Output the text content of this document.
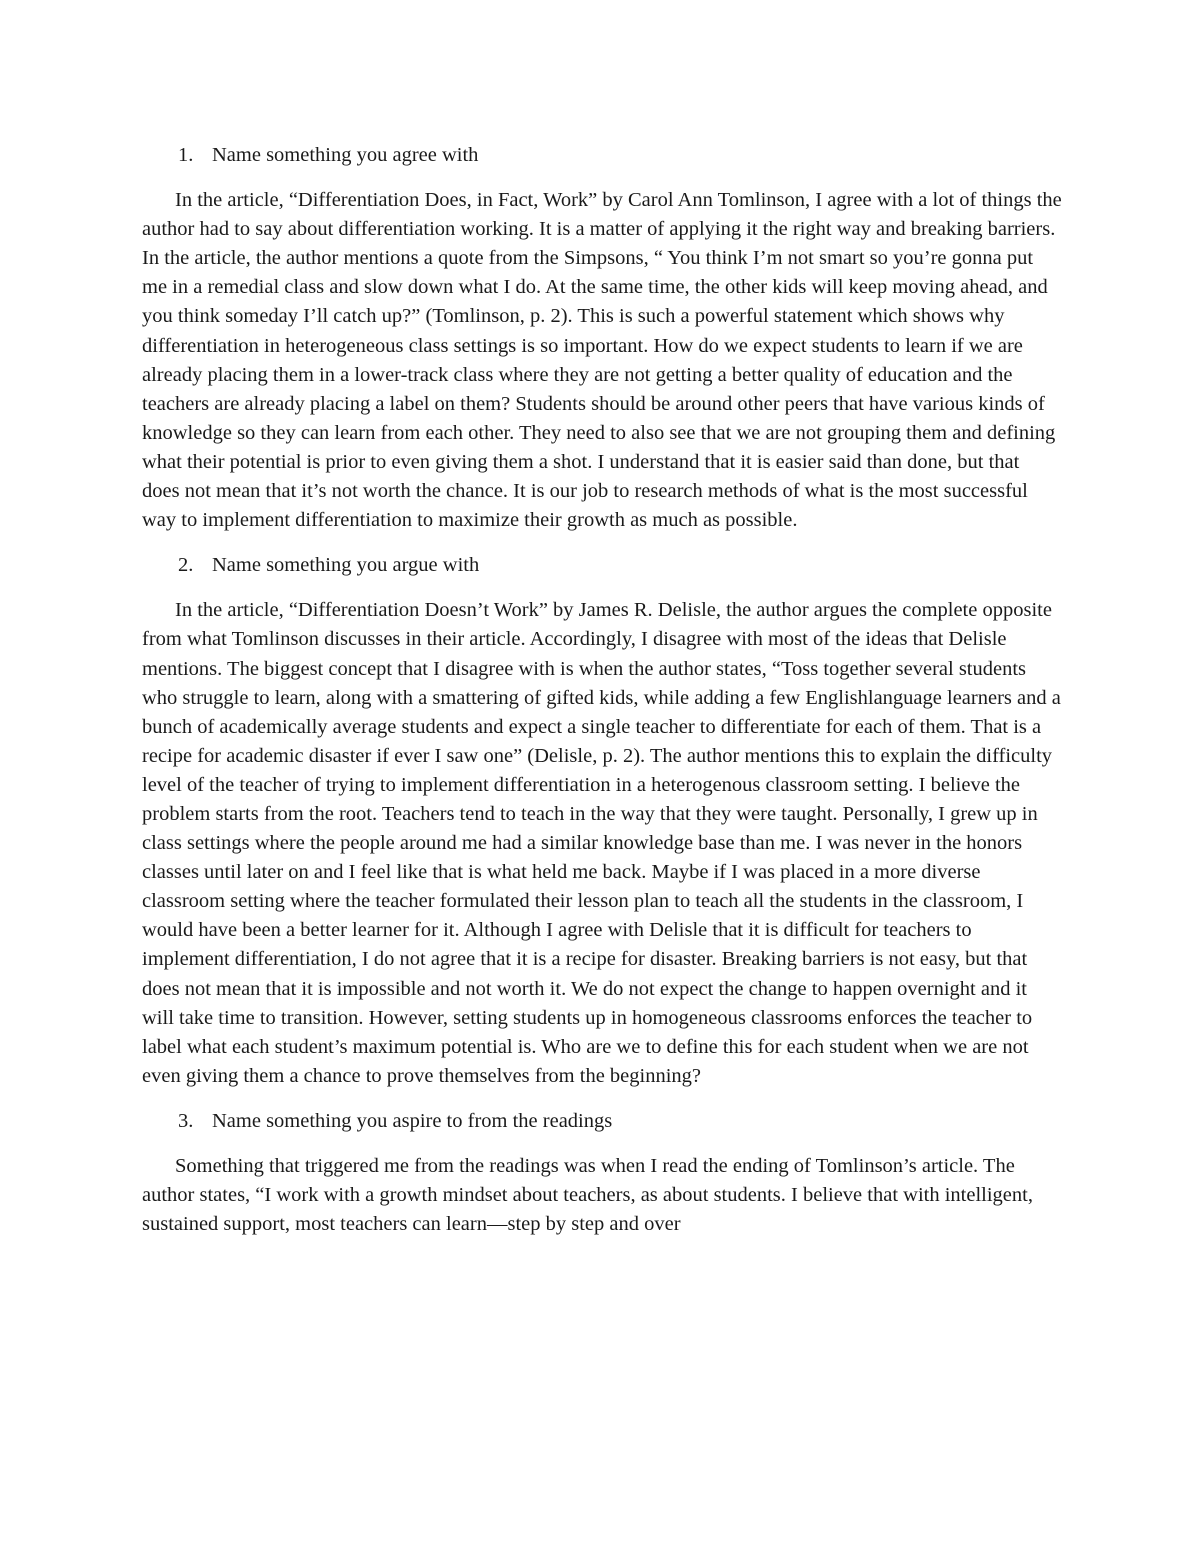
1. Name something you agree with

In the article, “Differentiation Does, in Fact, Work” by Carol Ann Tomlinson, I agree with a lot of things the author had to say about differentiation working. It is a matter of applying it the right way and breaking barriers. In the article, the author mentions a quote from the Simpsons, “ You think I’m not smart so you’re gonna put me in a remedial class and slow down what I do. At the same time, the other kids will keep moving ahead, and you think someday I’ll catch up?” (Tomlinson, p. 2). This is such a powerful statement which shows why differentiation in heterogeneous class settings is so important. How do we expect students to learn if we are already placing them in a lower-track class where they are not getting a better quality of education and the teachers are already placing a label on them? Students should be around other peers that have various kinds of knowledge so they can learn from each other. They need to also see that we are not grouping them and defining what their potential is prior to even giving them a shot. I understand that it is easier said than done, but that does not mean that it’s not worth the chance. It is our job to research methods of what is the most successful way to implement differentiation to maximize their growth as much as possible.

2. Name something you argue with

In the article, “Differentiation Doesn’t Work” by James R. Delisle, the author argues the complete opposite from what Tomlinson discusses in their article. Accordingly, I disagree with most of the ideas that Delisle mentions. The biggest concept that I disagree with is when the author states, “Toss together several students who struggle to learn, along with a smattering of gifted kids, while adding a few Englishlanguage learners and a bunch of academically average students and expect a single teacher to differentiate for each of them. That is a recipe for academic disaster if ever I saw one” (Delisle, p. 2). The author mentions this to explain the difficulty level of the teacher of trying to implement differentiation in a heterogenous classroom setting. I believe the problem starts from the root. Teachers tend to teach in the way that they were taught. Personally, I grew up in class settings where the people around me had a similar knowledge base than me. I was never in the honors classes until later on and I feel like that is what held me back. Maybe if I was placed in a more diverse classroom setting where the teacher formulated their lesson plan to teach all the students in the classroom, I would have been a better learner for it. Although I agree with Delisle that it is difficult for teachers to implement differentiation, I do not agree that it is a recipe for disaster. Breaking barriers is not easy, but that does not mean that it is impossible and not worth it. We do not expect the change to happen overnight and it will take time to transition. However, setting students up in homogeneous classrooms enforces the teacher to label what each student’s maximum potential is. Who are we to define this for each student when we are not even giving them a chance to prove themselves from the beginning?

3. Name something you aspire to from the readings

Something that triggered me from the readings was when I read the ending of Tomlinson’s article. The author states, “I work with a growth mindset about teachers, as about students. I believe that with intelligent, sustained support, most teachers can learn—step by step and over
